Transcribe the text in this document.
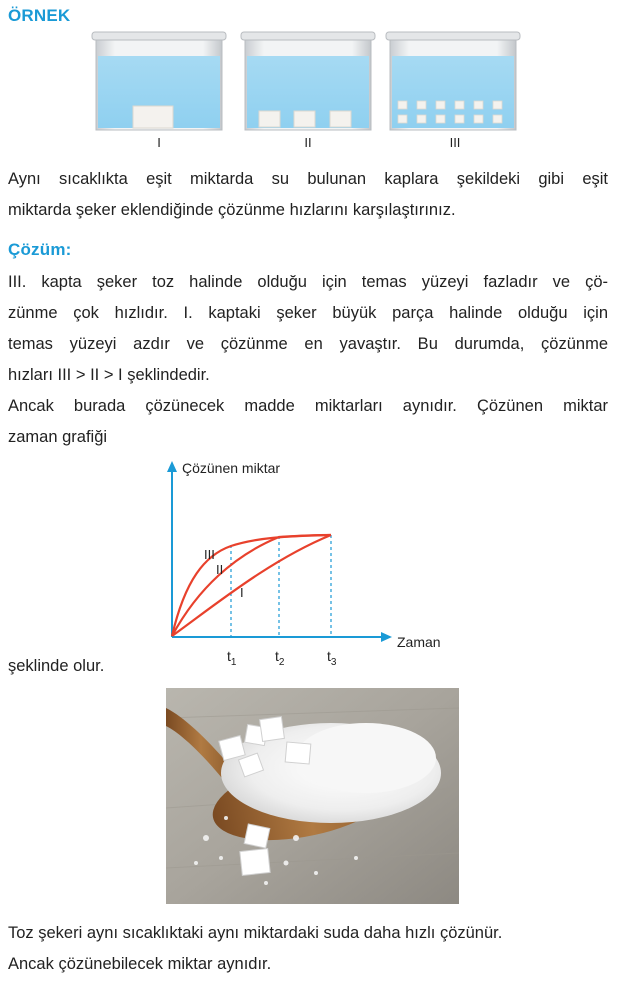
ÖRNEK
I	II	III
Aynı sıcaklıkta eşit miktarda su bulunan kaplara şekildeki gibi eşit
miktarda şeker eklendiğinde çözünme hızlarını karşılaştırınız.
Çözüm:
III. kapta şeker toz halinde olduğu için temas yüzeyi fazladır ve çö-
zünme çok hızlıdır. I. kaptaki şeker büyük parça halinde olduğu için
temas yüzeyi azdır ve çözünme en yavaştır. Bu durumda, çözünme
hızları III > II > I şeklindedir.
Ancak burada çözünecek madde miktarları aynıdır. Çözünen miktar
zaman grafiği
Çözünen miktar
Zaman
III
II
I
$t_1$	$t_2$	$t_3$
şeklinde olur.
Toz şekeri aynı sıcaklıktaki aynı miktardaki suda daha hızlı çözünür.
Ancak çözünebilecek miktar aynıdır.
